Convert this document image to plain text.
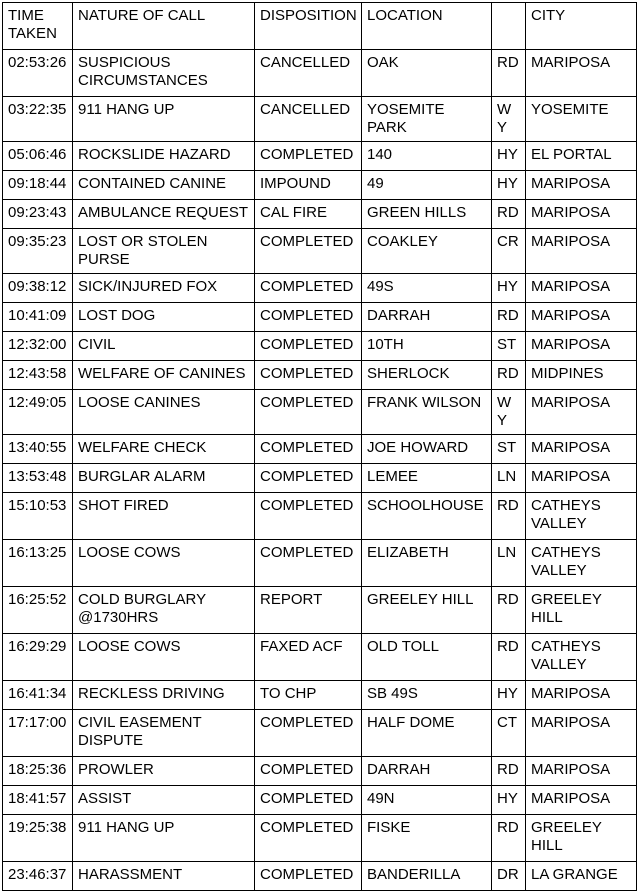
TIME TAKEN	NATURE OF CALL	DISPOSITION	LOCATION		CITY
02:53:26	SUSPICIOUS CIRCUMSTANCES	CANCELLED	OAK	RD	MARIPOSA
03:22:35	911 HANG UP	CANCELLED	YOSEMITE PARK	WY	YOSEMITE
05:06:46	ROCKSLIDE HAZARD	COMPLETED	140	HY	EL PORTAL
09:18:44	CONTAINED CANINE	IMPOUND	49	HY	MARIPOSA
09:23:43	AMBULANCE REQUEST	CAL FIRE	GREEN HILLS	RD	MARIPOSA
09:35:23	LOST OR STOLEN PURSE	COMPLETED	COAKLEY	CR	MARIPOSA
09:38:12	SICK/INJURED FOX	COMPLETED	49S	HY	MARIPOSA
10:41:09	LOST DOG	COMPLETED	DARRAH	RD	MARIPOSA
12:32:00	CIVIL	COMPLETED	10TH	ST	MARIPOSA
12:43:58	WELFARE OF CANINES	COMPLETED	SHERLOCK	RD	MIDPINES
12:49:05	LOOSE CANINES	COMPLETED	FRANK WILSON	WY	MARIPOSA
13:40:55	WELFARE CHECK	COMPLETED	JOE HOWARD	ST	MARIPOSA
13:53:48	BURGLAR ALARM	COMPLETED	LEMEE	LN	MARIPOSA
15:10:53	SHOT FIRED	COMPLETED	SCHOOLHOUSE	RD	CATHEYS VALLEY
16:13:25	LOOSE COWS	COMPLETED	ELIZABETH	LN	CATHEYS VALLEY
16:25:52	COLD BURGLARY @1730HRS	REPORT	GREELEY HILL	RD	GREELEY HILL
16:29:29	LOOSE COWS	FAXED ACF	OLD TOLL	RD	CATHEYS VALLEY
16:41:34	RECKLESS DRIVING	TO CHP	SB 49S	HY	MARIPOSA
17:17:00	CIVIL EASEMENT DISPUTE	COMPLETED	HALF DOME	CT	MARIPOSA
18:25:36	PROWLER	COMPLETED	DARRAH	RD	MARIPOSA
18:41:57	ASSIST	COMPLETED	49N	HY	MARIPOSA
19:25:38	911 HANG UP	COMPLETED	FISKE	RD	GREELEY HILL
23:46:37	HARASSMENT	COMPLETED	BANDERILLA	DR	LA GRANGE
